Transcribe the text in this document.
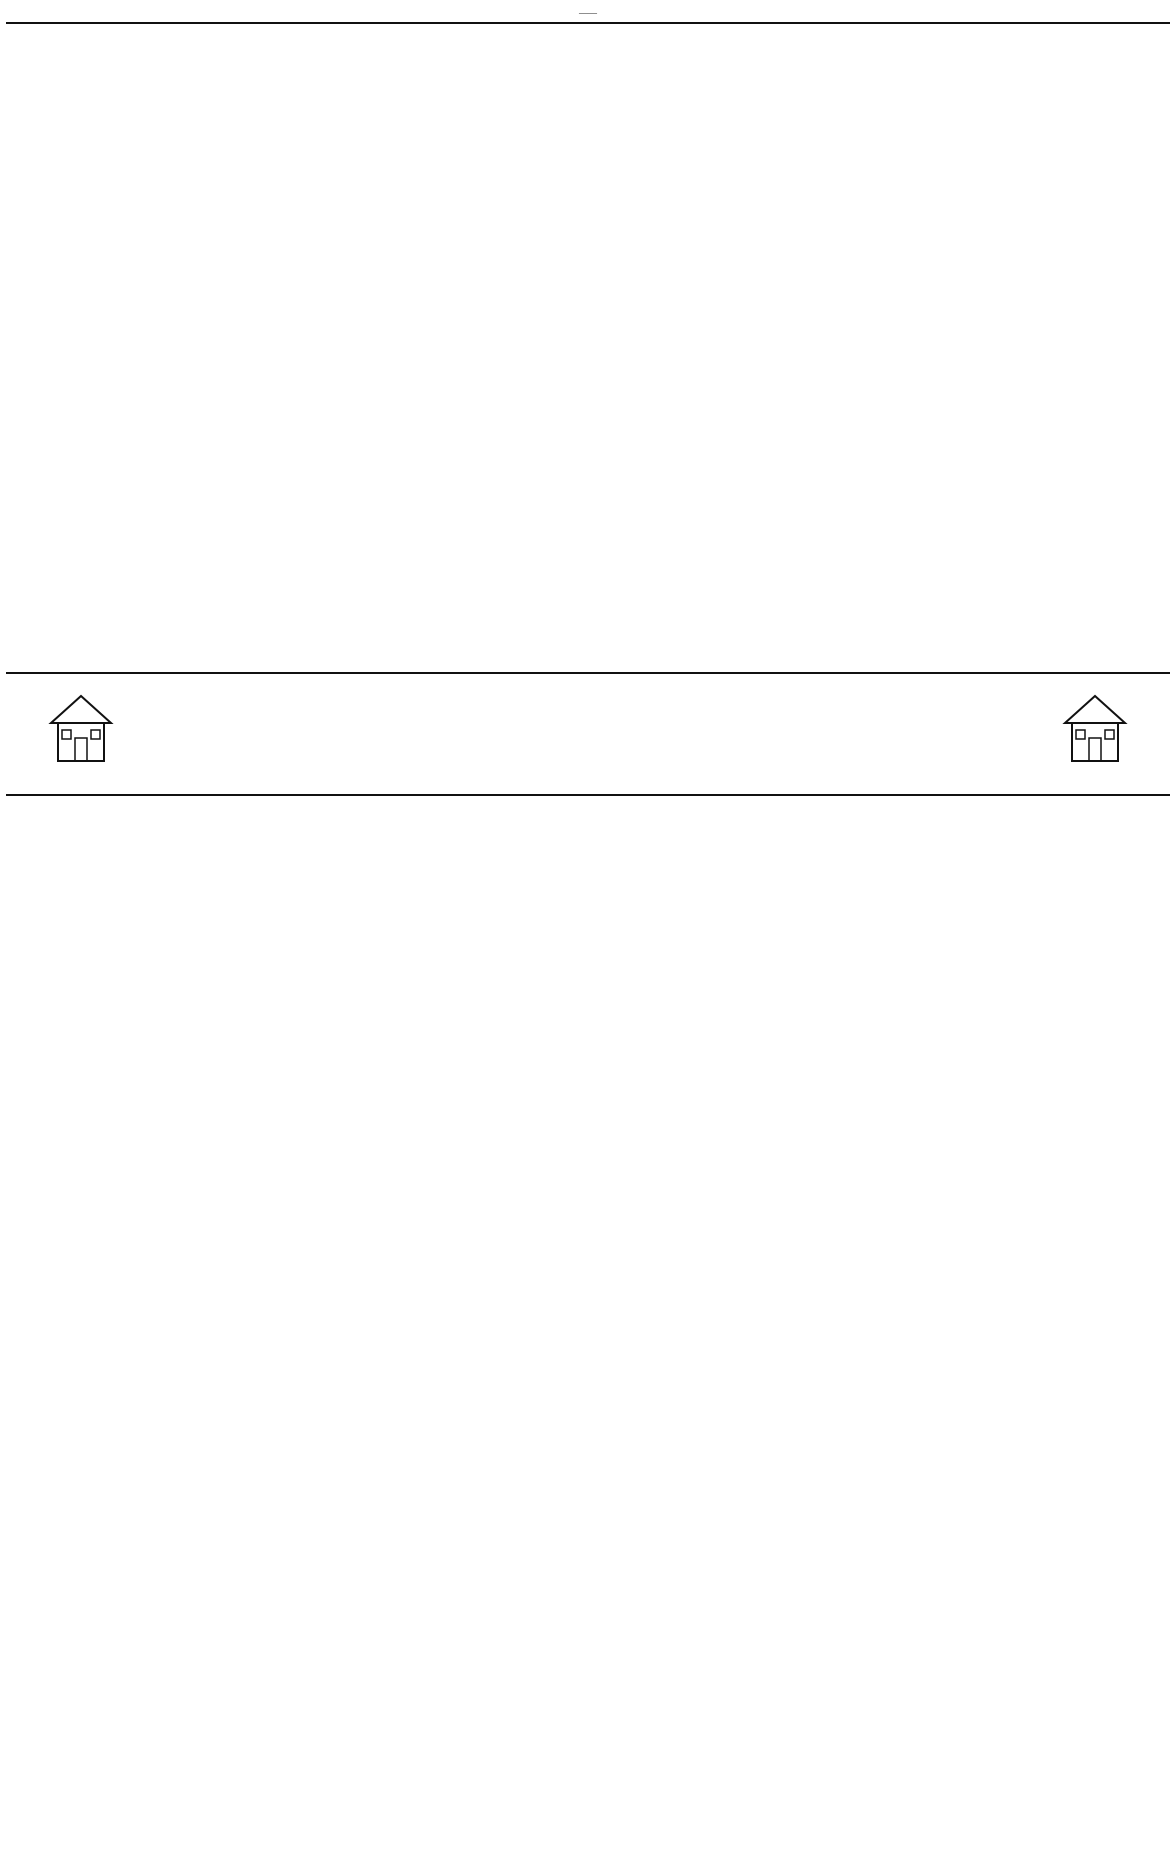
——
